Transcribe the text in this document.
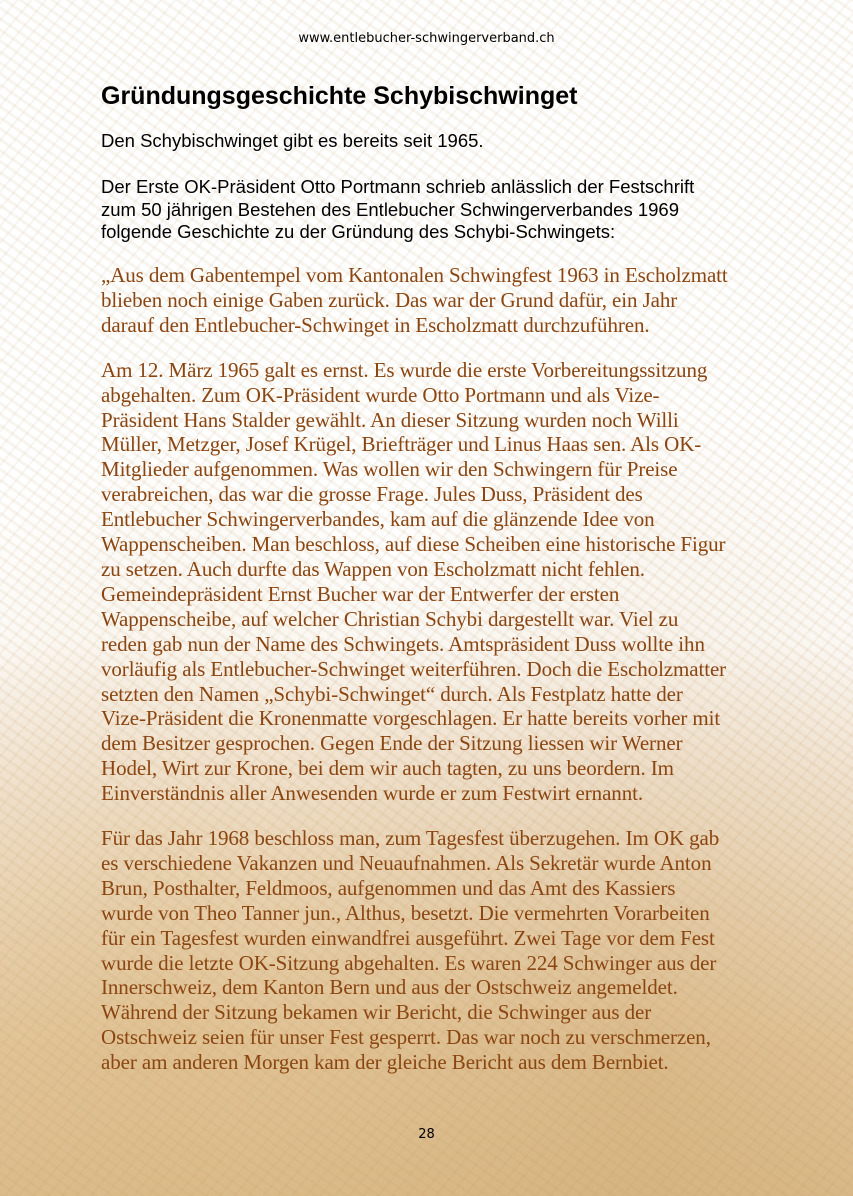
www.entlebucher-schwingerverband.ch
Gründungsgeschichte Schybischwinget
Den Schybischwinget gibt es bereits seit 1965.
Der Erste OK-Präsident Otto Portmann schrieb anlässlich der Festschrift
zum 50 jährigen Bestehen des Entlebucher Schwingerverbandes 1969
folgende Geschichte zu der Gründung des Schybi-Schwingets:

„Aus dem Gabentempel vom Kantonalen Schwingfest 1963 in Escholzmatt
blieben noch einige Gaben zurück. Das war der Grund dafür, ein Jahr
darauf den Entlebucher-Schwinget in Escholzmatt durchzuführen.

Am 12. März 1965 galt es ernst. Es wurde die erste Vorbereitungssitzung
abgehalten. Zum OK-Präsident wurde Otto Portmann und als Vize-
Präsident Hans Stalder gewählt. An dieser Sitzung wurden noch Willi
Müller, Metzger, Josef Krügel, Briefträger und Linus Haas sen. Als OK-
Mitglieder aufgenommen. Was wollen wir den Schwingern für Preise
verabreichen, das war die grosse Frage. Jules Duss, Präsident des
Entlebucher Schwingerverbandes, kam auf die glänzende Idee von
Wappenscheiben. Man beschloss, auf diese Scheiben eine historische Figur
zu setzen. Auch durfte das Wappen von Escholzmatt nicht fehlen.
Gemeindepräsident Ernst Bucher war der Entwerfer der ersten
Wappenscheibe, auf welcher Christian Schybi dargestellt war. Viel zu
reden gab nun der Name des Schwingets. Amtspräsident Duss wollte ihn
vorläufig als Entlebucher-Schwinget weiterführen. Doch die Escholzmatter
setzten den Namen „Schybi-Schwinget“ durch. Als Festplatz hatte der
Vize-Präsident die Kronenmatte vorgeschlagen. Er hatte bereits vorher mit
dem Besitzer gesprochen. Gegen Ende der Sitzung liessen wir Werner
Hodel, Wirt zur Krone, bei dem wir auch tagten, zu uns beordern. Im
Einverständnis aller Anwesenden wurde er zum Festwirt ernannt.

Für das Jahr 1968 beschloss man, zum Tagesfest überzugehen. Im OK gab
es verschiedene Vakanzen und Neuaufnahmen. Als Sekretär wurde Anton
Brun, Posthalter, Feldmoos, aufgenommen und das Amt des Kassiers
wurde von Theo Tanner jun., Althus, besetzt. Die vermehrten Vorarbeiten
für ein Tagesfest wurden einwandfrei ausgeführt. Zwei Tage vor dem Fest
wurde die letzte OK-Sitzung abgehalten. Es waren 224 Schwinger aus der
Innerschweiz, dem Kanton Bern und aus der Ostschweiz angemeldet.
Während der Sitzung bekamen wir Bericht, die Schwinger aus der
Ostschweiz seien für unser Fest gesperrt. Das war noch zu verschmerzen,
aber am anderen Morgen kam der gleiche Bericht aus dem Bernbiet.

28
